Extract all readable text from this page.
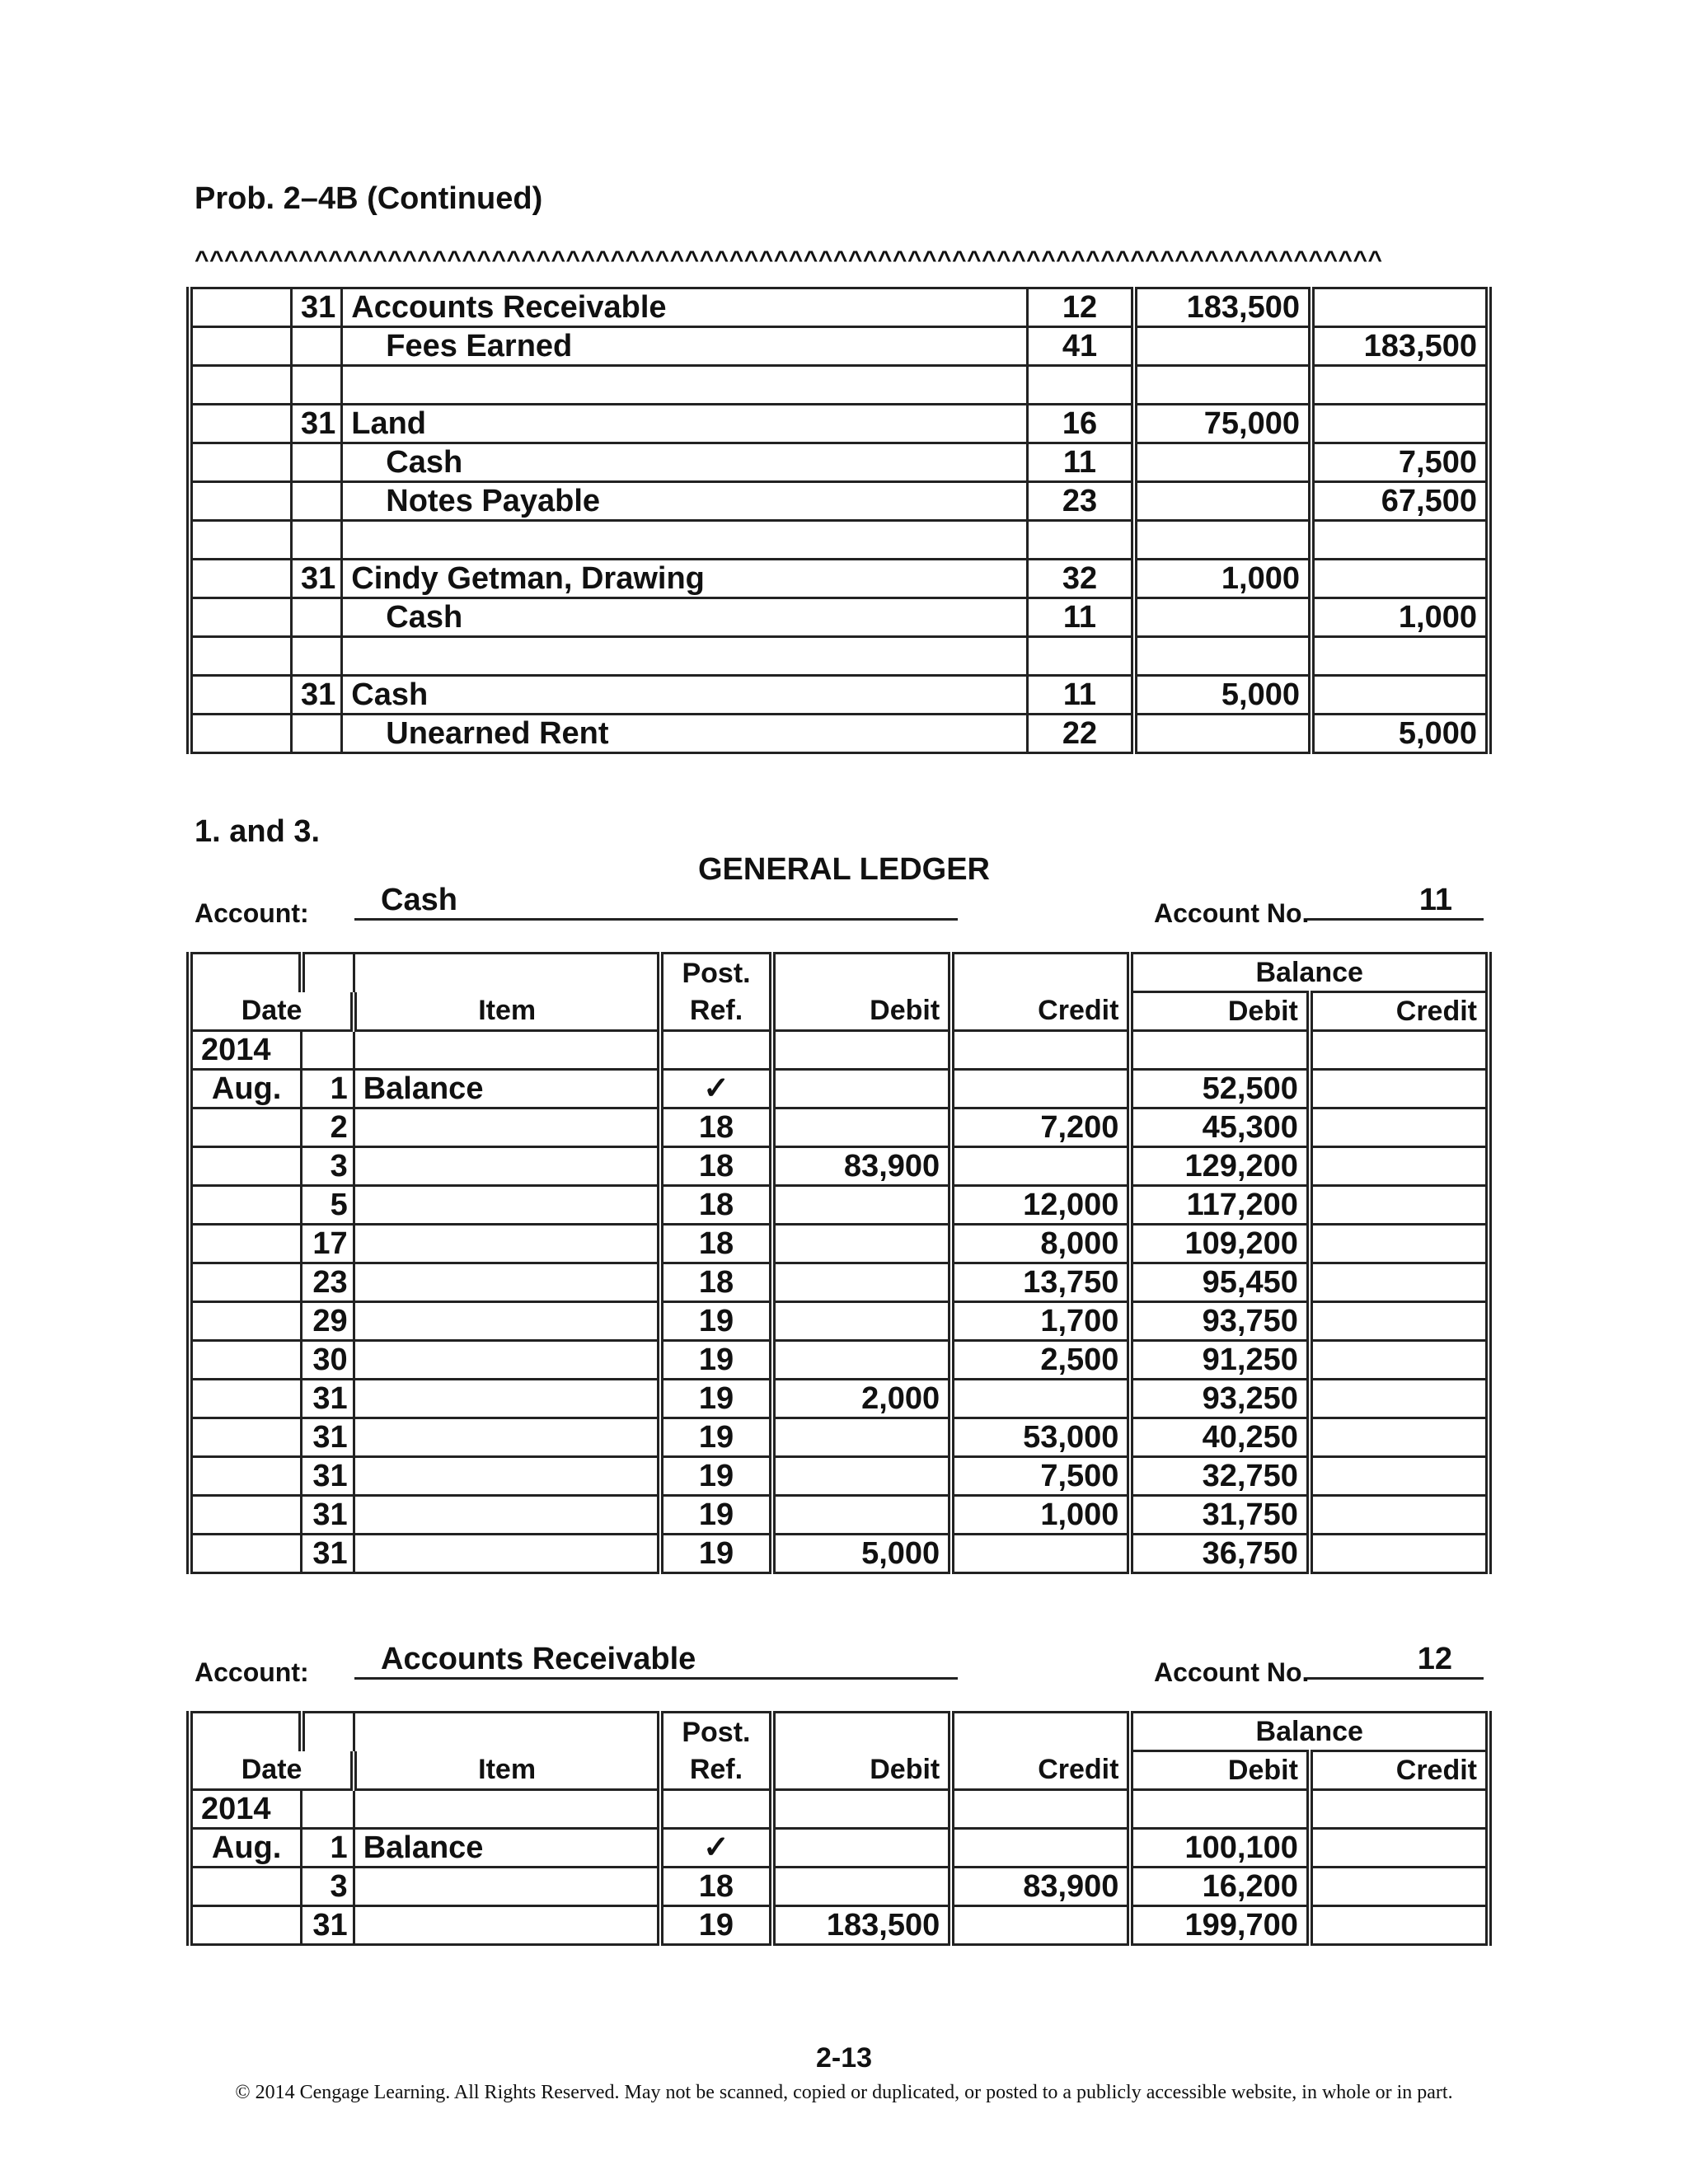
Prob. 2–4B (Continued)
^^^^^^^^^^^^^^^^^^^^^^^^^^^^^^^^^^^^^^^^^^^^^^^^^^^^^^^^^^^^^^^^^^^^^^^^^^^^^^^^
	31	Accounts Receivable	12	183,500	
		Fees Earned	41		183,500

	31	Land	16	75,000	
		Cash	11		7,500
		Notes Payable	23		67,500

	31	Cindy Getman, Drawing	32	1,000	
		Cash	11		1,000

	31	Cash	11	5,000	
		Unearned Rent	22		5,000
1. and 3.
GENERAL LEDGER
Account:	Cash	Account No.	11
			Post.			Balance	
Date		Item	Ref.	Debit	Credit	Debit	Credit
2014							
Aug.	1	Balance	✓			52,500	
	2		18		7,200	45,300	
	3		18	83,900		129,200	
	5		18		12,000	117,200	
	17		18		8,000	109,200	
	23		18		13,750	95,450	
	29		19		1,700	93,750	
	30		19		2,500	91,250	
	31		19	2,000		93,250	
	31		19		53,000	40,250	
	31		19		7,500	32,750	
	31		19		1,000	31,750	
	31		19	5,000		36,750	
Account:	Accounts Receivable	Account No.	12
			Post.			Balance	
Date		Item	Ref.	Debit	Credit	Debit	Credit
2014							
Aug.	1	Balance	✓			100,100	
	3		18		83,900	16,200	
	31		19	183,500		199,700	
2-13
© 2014 Cengage Learning. All Rights Reserved. May not be scanned, copied or duplicated, or posted to a publicly accessible website, in whole or in part.
